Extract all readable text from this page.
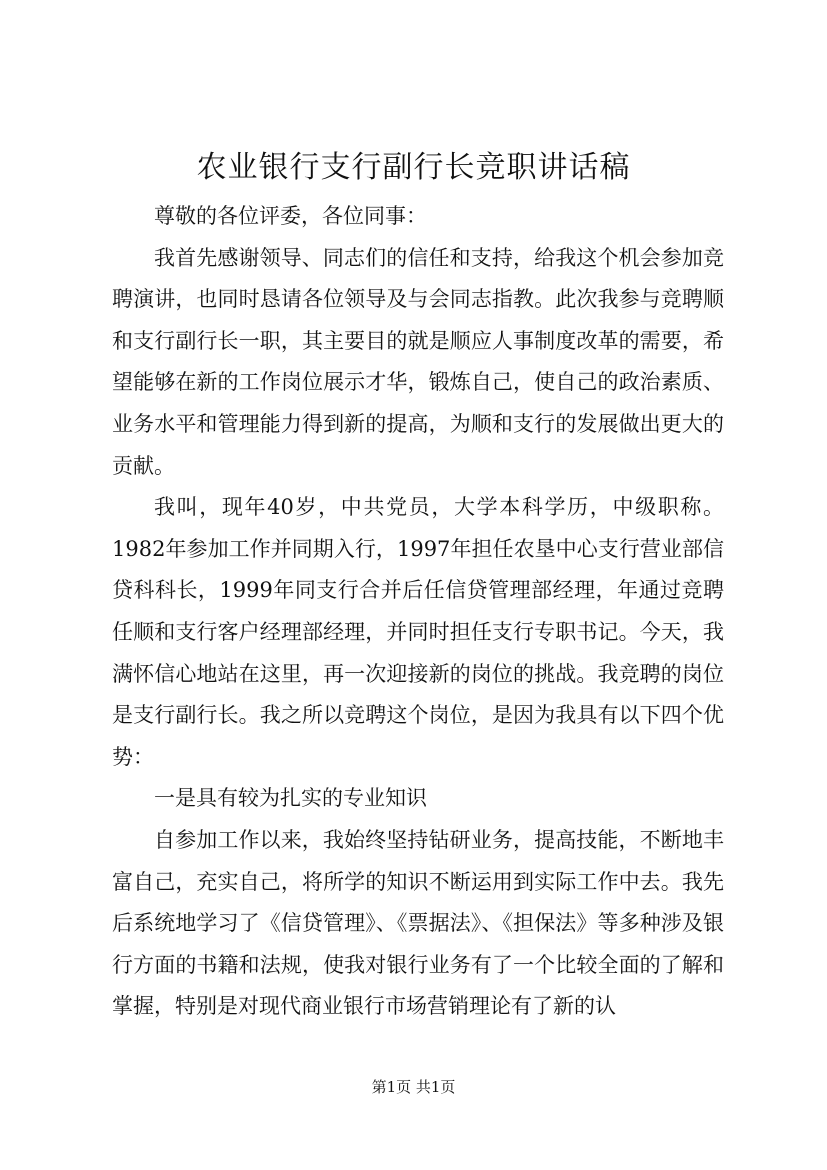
农业银行支行副行长竞职讲话稿

尊敬的各位评委，各位同事：

我首先感谢领导、同志们的信任和支持，给我这个机会参加竞聘演讲，也同时恳请各位领导及与会同志指教。此次我参与竞聘顺和支行副行长一职，其主要目的就是顺应人事制度改革的需要，希望能够在新的工作岗位展示才华，锻炼自己，使自己的政治素质、业务水平和管理能力得到新的提高，为顺和支行的发展做出更大的贡献。

我叫，现年40岁，中共党员，大学本科学历，中级职称。1982年参加工作并同期入行，1997年担任农垦中心支行营业部信贷科科长，1999年同支行合并后任信贷管理部经理，年通过竞聘任顺和支行客户经理部经理，并同时担任支行专职书记。今天，我满怀信心地站在这里，再一次迎接新的岗位的挑战。我竞聘的岗位是支行副行长。我之所以竞聘这个岗位，是因为我具有以下四个优势：

一是具有较为扎实的专业知识

自参加工作以来，我始终坚持钻研业务，提高技能，不断地丰富自己，充实自己，将所学的知识不断运用到实际工作中去。我先后系统地学习了《信贷管理》、《票据法》、《担保法》等多种涉及银行方面的书籍和法规，使我对银行业务有了一个比较全面的了解和掌握，特别是对现代商业银行市场营销理论有了新的认

第1页 共1页
